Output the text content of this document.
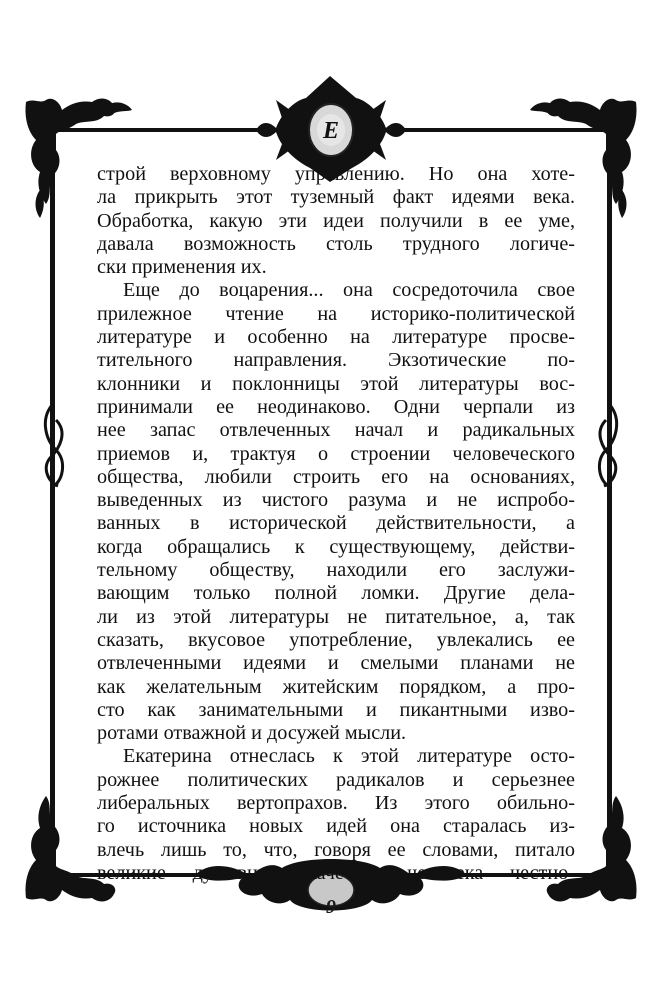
E

строй верховному управлению. Но она хоте-
ла прикрыть этот туземный факт идеями века.
Обработка, какую эти идеи получили в ее уме,
давала возможность столь трудного логиче-
ски применения их.

Еще до воцарения... она сосредоточила свое
прилежное чтение на историко-политической
литературе и особенно на литературе просве-
тительного направления. Экзотические по-
клонники и поклонницы этой литературы вос-
принимали ее неодинаково. Одни черпали из
нее запас отвлеченных начал и радикальных
приемов и, трактуя о строении человеческого
общества, любили строить его на основаниях,
выведенных из чистого разума и не испробо-
ванных в исторической действительности, а
когда обращались к существующему, действи-
тельному обществу, находили его заслужи-
вающим только полной ломки. Другие дела-
ли из этой литературы не питательное, а, так
сказать, вкусовое употребление, увлекались ее
отвлеченными идеями и смелыми планами не
как желательным житейским порядком, а про-
сто как занимательными и пикантными изво-
ротами отважной и досужей мысли.

Екатерина отнеслась к этой литературе осто-
рожнее политических радикалов и серьезнее
либеральных вертопрахов. Из этого обильно-
го источника новых идей она старалась из-
влечь лишь то, что, говоря ее словами, питало
великие душевные качества человека честно-

9
